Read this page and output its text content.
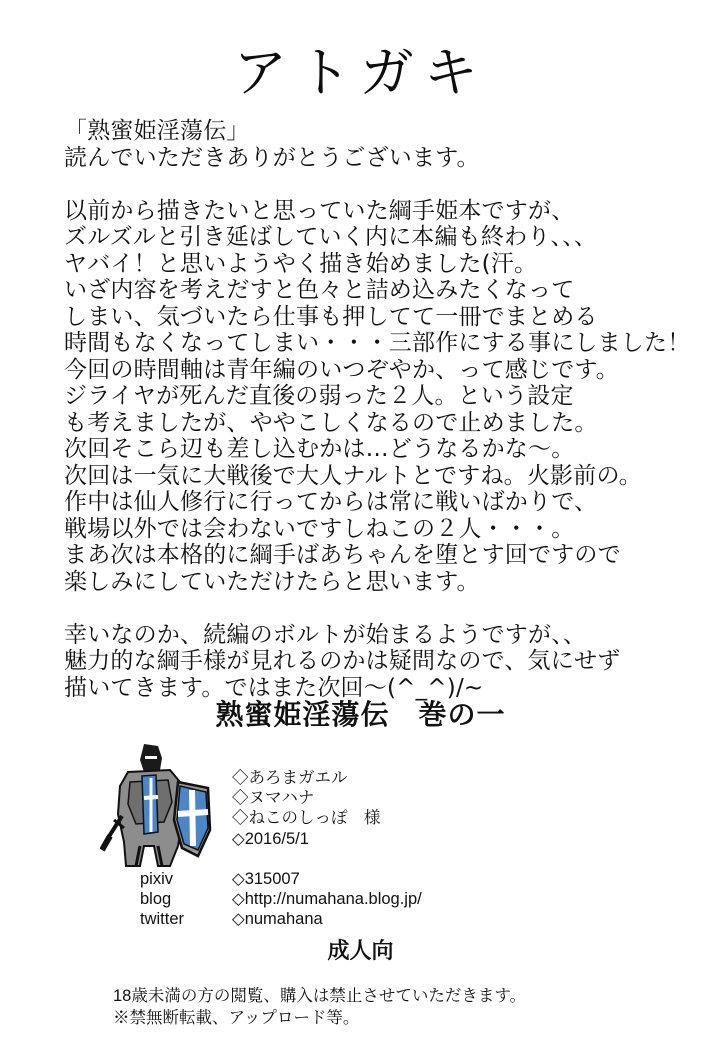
アトガキ
「熟蜜姫淫蕩伝」
読んでいただきありがとうございます。
以前から描きたいと思っていた綱手姫本ですが、
ズルズルと引き延ばしていく内に本編も終わり、、、
ヤバイ！と思いようやく描き始めました(汗。
いざ内容を考えだすと色々と詰め込みたくなって
しまい、気づいたら仕事も押してて一冊でまとめる
時間もなくなってしまい・・・三部作にする事にしました！
今回の時間軸は青年編のいつぞやか、って感じです。
ジライヤが死んだ直後の弱った２人。という設定
も考えましたが、ややこしくなるので止めました。
次回そこら辺も差し込むかは…どうなるかな～。
次回は一気に大戦後で大人ナルトとですね。火影前の。
作中は仙人修行に行ってからは常に戦いばかりで、
戦場以外では会わないですしねこの２人・・・。
まあ次は本格的に綱手ばあちゃんを堕とす回ですので
楽しみにしていただけたらと思います。
幸いなのか、続編のボルトが始まるようですが、、
魅力的な綱手様が見れるのかは疑問なので、気にせず
描いてきます。ではまた次回～(^_^)/~
熟蜜姫淫蕩伝　巻の一
◇あろまガエル
◇ヌマハナ
◇ねこのしっぽ　様
◇2016/5/1
pixiv	◇315007
blog	◇http://numahana.blog.jp/
twitter	◇numahana
成人向
18歳未満の方の閲覧、購入は禁止させていただきます。
※禁無断転載、アップロード等。
